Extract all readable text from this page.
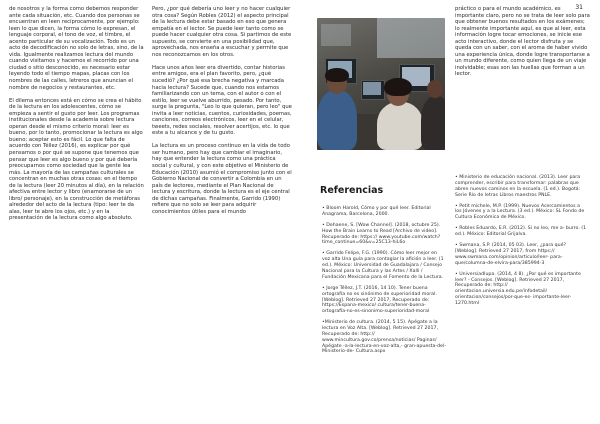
31

de nosotros y la forma como debemos responder ante cada situación, etc. Cuando dos personas se encuentran en leen recíprocamente, por ejemplo: leen lo que dicen, la forma cómo lo expresan, el lenguaje corporal, el tono de voz, el timbre, el acento particular de su vocalización. Todo es un acto de decodificación no solo de letras, sino, de la vida. Igualmente realizamos lectura del mundo cuando visitamos y hacemos el recorrido por una ciudad o sitio desconocido, es necesario estar leyendo todo el tiempo mapas, placas con los nombres de las calles, letreros que anuncian el nombre de negocios y restaurantes, etc.

El dilema entonces está en cómo se crea el hábito de la lectura en los adolescentes, cómo se empieza a sentir el gusto por leer. Los programas institucionales desde la academia sobre lectura operan desde el mismo criterio moral: leer es bueno, por lo tanto, promocionar la lectura es algo bueno; aceptar esto es fácil. Lo que falta de acuerdo con Téllez (2016), es explicar por qué pensamos o por qué se supone que tenemos que pensar que leer es algo bueno y por qué debería preocuparnos como sociedad que la gente lea más. La mayoría de las campañas culturales se concentran en muchas otras cosas: en el tiempo de la lectura (leer 20 minutos al día), en la relación afectiva entre lector y libro (enamorarse de un libro/ personaje), en la construcción de metáforas alrededor del acto de la lectura (tipo: leer te da alas, leer te abre los ojos, etc.) y en la presentación de la lectura como algo absoluto.

Pero, ¿por qué debería uno leer y no hacer cualquier otra cosa? Según Robles (2012) el aspecto principal de la lectura debe estar basado en eso que genera empatía en el lector. Se puede leer tanto como se puede hacer cualquier otra cosa. Si partimos de este supuesto, se convierte en una posibilidad que, aprovechada, nos enseña a escuchar y permite que nos reconozcamos en los otros.

Hace unos años leer era divertido, contar historias entre amigos, era el plan favorito, pero, ¿qué sucedió? ¿Por qué esa brecha negativa y marcada hacia lectura? Sucede que, cuando nos estamos familiarizando con un tema, con el autor o con el estilo, leer se vuelve aburrido, pesado. Por tanto, surge la pregunta, "Leo lo que quieran, pero leo" que invita a leer noticias, cuentos, curiosidades, poemas, canciones, correos electrónicos, leer en el celular, tweets, redes sociales, resolver acertijos, etc. lo que este a tu alcance y de tu gusto.

La lectura es un proceso continuo en la vida de todo ser humano, pero hay que cambiar el imaginario, hay que entender la lectura como una práctica social y cultural, y con este objetivo el Ministerio de Educación (2010) asumió el compromiso junto con el Gobierno Nacional de convertir a Colombia en un país de lectores, mediante el Plan Nacional de lectura y escritura, donde la lectura es el eje central de dichas campañas. Finalmente, Garrido (1990) refiere que no solo se leer para adquirir conocimientos útiles para el mundo

Tomado de: fuente propia
Referencias

• Bloom Harold, Cómo y por qué leer. Editorial Anagrama, Barcelona, 2000.

• Dehaene, S. [Wow Channel]. (2018, octubre 25). How the Brain Learns to Read [Archivo de video]. Recuperado de: https:// www.youtube.com/watch? time_continue=60&v=25C13-hiL6o

• Garrido Felipe, F.G. (1990). Cómo leer mejor en voz alta Una guía para contagiar la afición a leer. (1 ed.). México: Universidad de Guadalajara / Consejo Nacional para la Cultura y las Artes / Xalli / Fundación Mexicana para el Fomento de la Lectura.

• Jorge Téllez, J.T. (2016, 14 10). Tener buena ortografía no es sinónimo de superioridad moral. [Weblog]. Retrieved 27 2017, Recuperado de: https://Espana-mexico/ cultura/tener-buena-ortografia-no-es-sinonimo-superioridad-moral

•Ministerio de cultura. (2014, 5 15). Apégate a la lectura en Voz Alta. [Weblog]. Retrieved 27 2017, Recuperado de: http:// www.mincultura.gov.co/prensa/noticias/ Paginas/ Apégate -a-la-lectura-en-voz-alta,- gran-apuesta-del-Ministerio-de- Cultura.aspx

práctico o para el mundo académico, es importante claro, pero no se trata de leer solo para que obtener buenos resultados en los exámenes; lo realmente importante aquí, es que al leer, esta información logre tocar emociones, se inicie ese acto interactivo, donde el lector disfruta y se queda con un saber, con el aroma de haber vivido una experiencia única, donde logre transportarse a un mundo diferente, como quien llega de un viaje inolvidable; esas son las huellas que forman a un lector.

• Ministerio de educación nacional. (2013). Leer para comprender, escribir para transformar: palabras que abren nuevos caminos en la escuela. (1 ed.). Bogotá: Serie Río de letras Libros maestros PNLE.

• Petit michele, M.P. (1999). Nuevos Acercamientos a los Jóvenes y a la Lectura. (3 ed.). México: SL Fondo de Cultura Económica de México.

• Robles Eduardo, E.R. (2012). Si no leo, me a- burro. (1 ed.). México: Editorial Grijalva.

• Swmana, S.P. (2014, 05 03). Leer, ¿para qué? [Weblog]. Retrieved 27 2017, from https:// www.swmana.com/opinion/articulo/leer- para-que/columna-de-elvira-para/385994-3

• Universiadlupa. (2014, 4 8). ¿Por qué es importante leer? - Consejos. [Weblog]. Retrieved 27 2017, Recuperado de: http:// orientacion.universia.edu.pe/infodetail/ orientacion/consejos/por-que-es- importante-leer-1270.html
